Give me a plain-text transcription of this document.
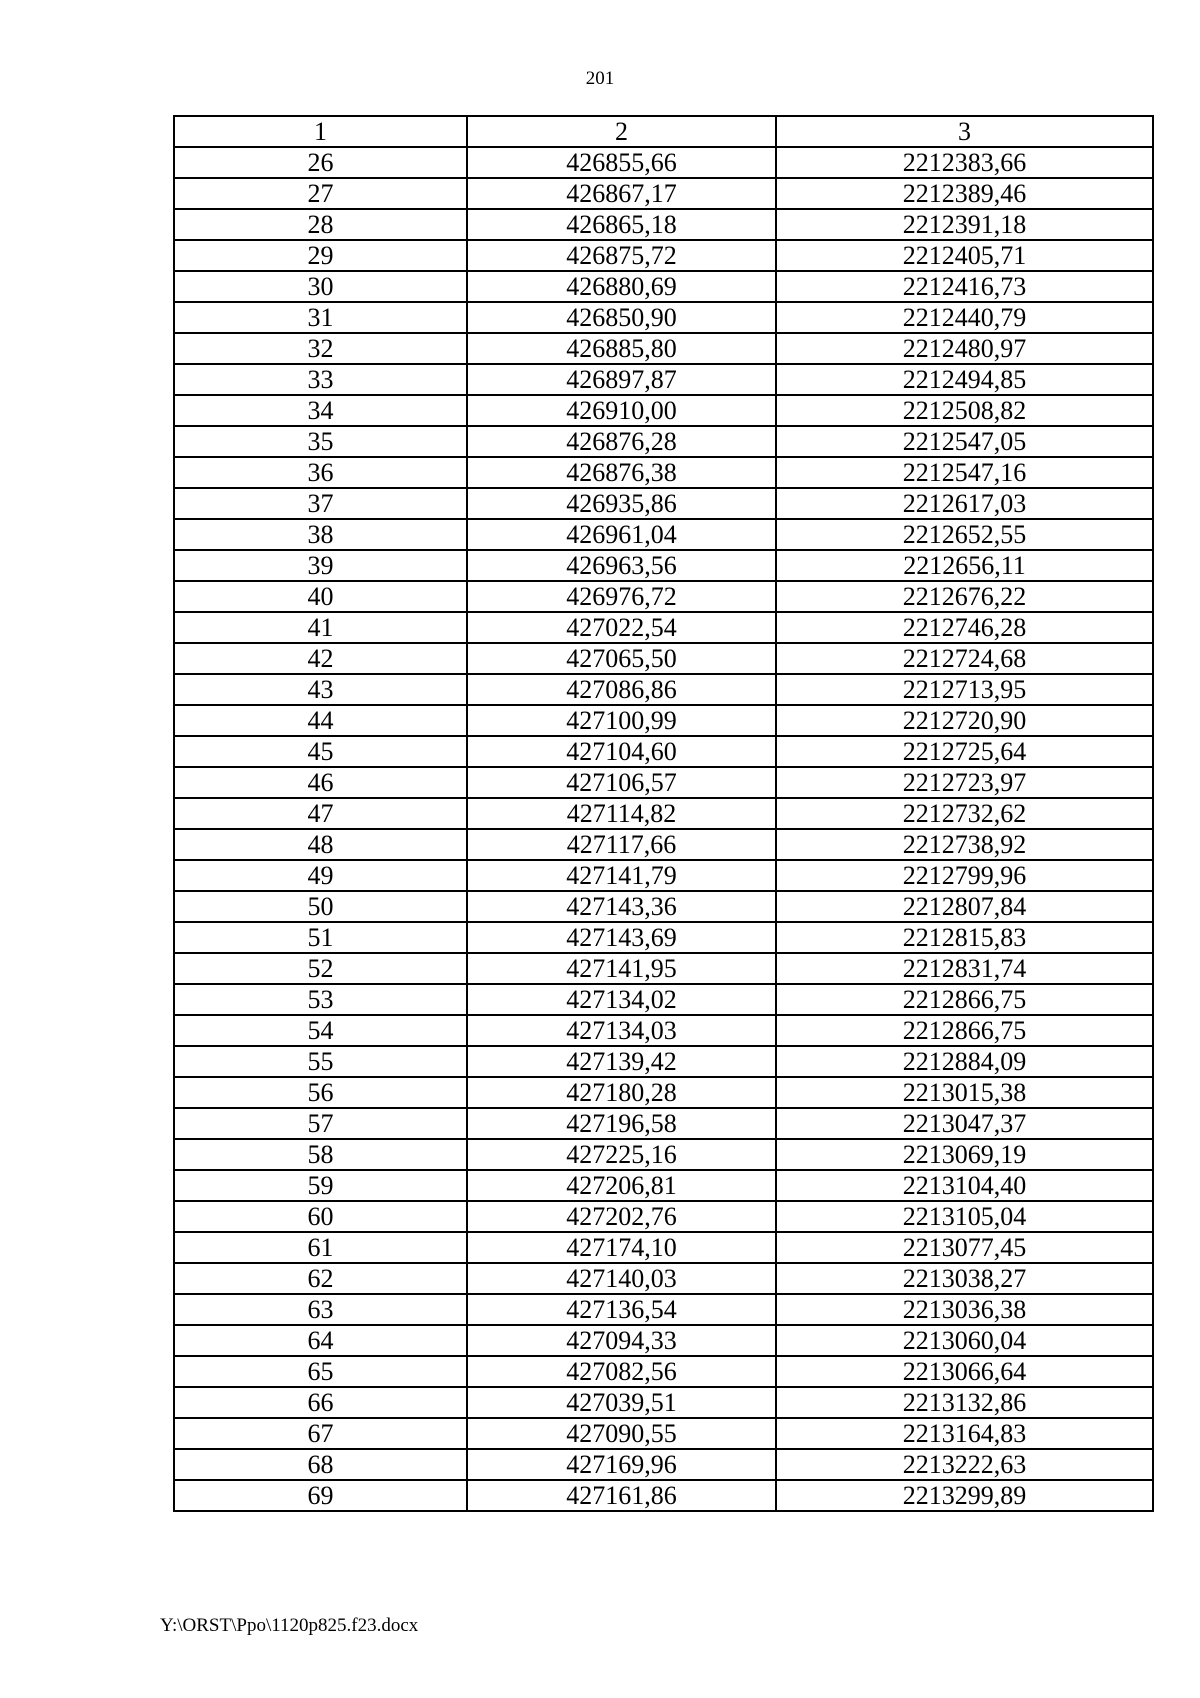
201
1	2	3
26	426855,66	2212383,66
27	426867,17	2212389,46
28	426865,18	2212391,18
29	426875,72	2212405,71
30	426880,69	2212416,73
31	426850,90	2212440,79
32	426885,80	2212480,97
33	426897,87	2212494,85
34	426910,00	2212508,82
35	426876,28	2212547,05
36	426876,38	2212547,16
37	426935,86	2212617,03
38	426961,04	2212652,55
39	426963,56	2212656,11
40	426976,72	2212676,22
41	427022,54	2212746,28
42	427065,50	2212724,68
43	427086,86	2212713,95
44	427100,99	2212720,90
45	427104,60	2212725,64
46	427106,57	2212723,97
47	427114,82	2212732,62
48	427117,66	2212738,92
49	427141,79	2212799,96
50	427143,36	2212807,84
51	427143,69	2212815,83
52	427141,95	2212831,74
53	427134,02	2212866,75
54	427134,03	2212866,75
55	427139,42	2212884,09
56	427180,28	2213015,38
57	427196,58	2213047,37
58	427225,16	2213069,19
59	427206,81	2213104,40
60	427202,76	2213105,04
61	427174,10	2213077,45
62	427140,03	2213038,27
63	427136,54	2213036,38
64	427094,33	2213060,04
65	427082,56	2213066,64
66	427039,51	2213132,86
67	427090,55	2213164,83
68	427169,96	2213222,63
69	427161,86	2213299,89
Y:\ORST\Ppo\1120p825.f23.docx
